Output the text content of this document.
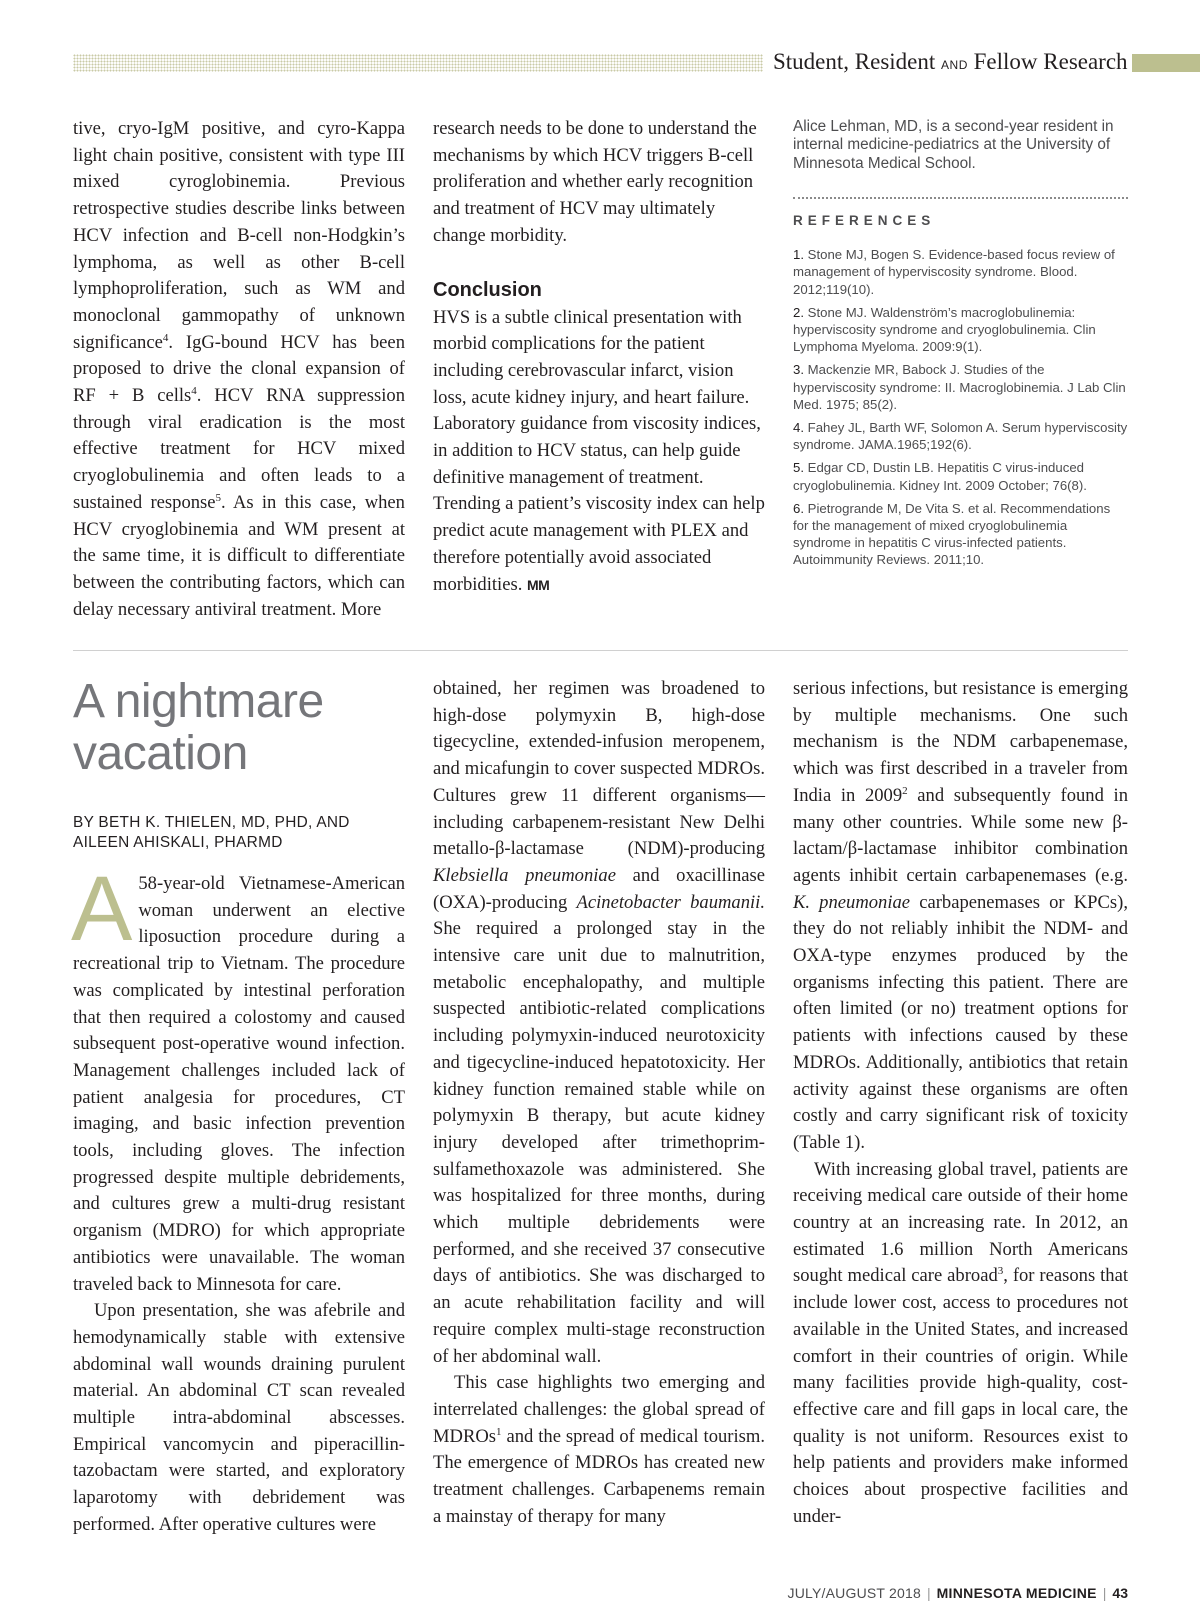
Student, Resident AND Fellow Research

tive, cryo-IgM positive, and cyro-Kappa light chain positive, consistent with type III mixed cyroglobinemia. Previous retrospective studies describe links between HCV infection and B-cell non-Hodgkin’s lymphoma, as well as other B-cell lymphoproliferation, such as WM and monoclonal gammopathy of unknown significance$^4$. IgG-bound HCV has been proposed to drive the clonal expansion of RF + B cells$^4$. HCV RNA suppression through viral eradication is the most effective treatment for HCV mixed cryoglobulinemia and often leads to a sustained response$^5$. As in this case, when HCV cryoglobinemia and WM present at the same time, it is difficult to differentiate between the contributing factors, which can delay necessary antiviral treatment. More

research needs to be done to understand the mechanisms by which HCV triggers B-cell proliferation and whether early recognition and treatment of HCV may ultimately change morbidity.

Conclusion

HVS is a subtle clinical presentation with morbid complications for the patient including cerebrovascular infarct, vision loss, acute kidney injury, and heart failure. Laboratory guidance from viscosity indices, in addition to HCV status, can help guide definitive management of treatment. Trending a patient’s viscosity index can help predict acute management with PLEX and therefore potentially avoid associated morbidities. MM

Alice Lehman, MD, is a second-year resident in internal medicine-pediatrics at the University of Minnesota Medical School.

REFERENCES
1. Stone MJ, Bogen S. Evidence-based focus review of management of hyperviscosity syndrome. Blood. 2012;119(10).
2. Stone MJ. Waldenström’s macroglobulinemia: hyperviscosity syndrome and cryoglobulinemia. Clin Lymphoma Myeloma. 2009:9(1).
3. Mackenzie MR, Babock J. Studies of the hyperviscosity syndrome: II. Macroglobinemia. J Lab Clin Med. 1975; 85(2).
4. Fahey JL, Barth WF, Solomon A. Serum hyperviscosity syndrome. JAMA.1965;192(6).
5. Edgar CD, Dustin LB. Hepatitis C virus-induced cryoglobulinemia. Kidney Int. 2009 October; 76(8).
6. Pietrogrande M, De Vita S. et al. Recommendations for the management of mixed cryoglobulinemia syndrome in hepatitis C virus-infected patients. Autoimmunity Reviews. 2011;10.
A nightmare
vacation
BY BETH K. THIELEN, MD, PHD, AND
AILEEN AHISKALI, PHARMD

A 58-year-old Vietnamese-American woman underwent an elective liposuction procedure during a recreational trip to Vietnam. The procedure was complicated by intestinal perforation that then required a colostomy and caused subsequent post-operative wound infection. Management challenges included lack of patient analgesia for procedures, CT imaging, and basic infection prevention tools, including gloves. The infection progressed despite multiple debridements, and cultures grew a multi-drug resistant organism (MDRO) for which appropriate antibiotics were unavailable. The woman traveled back to Minnesota for care.

Upon presentation, she was afebrile and hemodynamically stable with extensive abdominal wall wounds draining purulent material. An abdominal CT scan revealed multiple intra-abdominal abscesses. Empirical vancomycin and piperacillin-tazobactam were started, and exploratory laparotomy with debridement was performed. After operative cultures were

obtained, her regimen was broadened to high-dose polymyxin B, high-dose tigecycline, extended-infusion meropenem, and micafungin to cover suspected MDROs. Cultures grew 11 different organisms—including carbapenem-resistant New Delhi metallo-β-lactamase (NDM)-producing Klebsiella pneumoniae and oxacillinase (OXA)-producing Acinetobacter baumanii. She required a prolonged stay in the intensive care unit due to malnutrition, metabolic encephalopathy, and multiple suspected antibiotic-related complications including polymyxin-induced neurotoxicity and tigecycline-induced hepatotoxicity. Her kidney function remained stable while on polymyxin B therapy, but acute kidney injury developed after trimethoprim-sulfamethoxazole was administered. She was hospitalized for three months, during which multiple debridements were performed, and she received 37 consecutive days of antibiotics. She was discharged to an acute rehabilitation facility and will require complex multi-stage reconstruction of her abdominal wall.

This case highlights two emerging and interrelated challenges: the global spread of MDROs$^1$ and the spread of medical tourism. The emergence of MDROs has created new treatment challenges. Carbapenems remain a mainstay of therapy for many

serious infections, but resistance is emerging by multiple mechanisms. One such mechanism is the NDM carbapenemase, which was first described in a traveler from India in 2009$^2$ and subsequently found in many other countries. While some new β-lactam/β-lactamase inhibitor combination agents inhibit certain carbapenemases (e.g. K. pneumoniae carbapenemases or KPCs), they do not reliably inhibit the NDM- and OXA-type enzymes produced by the organisms infecting this patient. There are often limited (or no) treatment options for patients with infections caused by these MDROs. Additionally, antibiotics that retain activity against these organisms are often costly and carry significant risk of toxicity (Table 1).

With increasing global travel, patients are receiving medical care outside of their home country at an increasing rate. In 2012, an estimated 1.6 million North Americans sought medical care abroad$^3$, for reasons that include lower cost, access to procedures not available in the United States, and increased comfort in their countries of origin. While many facilities provide high-quality, cost-effective care and fill gaps in local care, the quality is not uniform. Resources exist to help patients and providers make informed choices about prospective facilities and under-

JULY/AUGUST 2018 | MINNESOTA MEDICINE | 43
